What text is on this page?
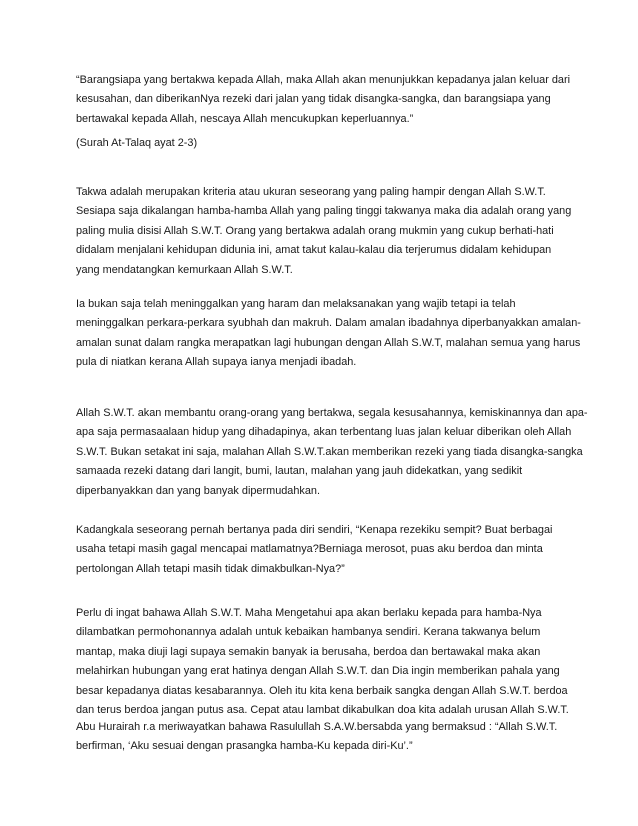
“Barangsiapa yang bertakwa kepada Allah, maka Allah akan menunjukkan kepadanya jalan keluar dari
kesusahan, dan diberikanNya rezeki dari jalan yang tidak disangka-sangka, dan barangsiapa yang
bertawakal kepada Allah, nescaya Allah mencukupkan keperluannya.”

(Surah At-Talaq ayat 2-3)

Takwa adalah merupakan kriteria atau ukuran seseorang yang paling hampir dengan Allah S.W.T.
Sesiapa saja dikalangan hamba-hamba Allah yang paling tinggi takwanya maka dia adalah orang yang
paling mulia disisi Allah S.W.T. Orang yang bertakwa adalah orang mukmin yang cukup berhati-hati
didalam menjalani kehidupan didunia ini, amat takut kalau-kalau dia terjerumus didalam kehidupan
yang mendatangkan kemurkaan Allah S.W.T.

Ia bukan saja telah meninggalkan yang haram dan melaksanakan yang wajib tetapi ia telah
meninggalkan perkara-perkara syubhah dan makruh. Dalam amalan ibadahnya diperbanyakkan amalan-
amalan sunat dalam rangka merapatkan lagi hubungan dengan Allah S.W.T, malahan semua yang harus
pula di niatkan kerana Allah supaya ianya menjadi ibadah.

Allah S.W.T. akan membantu orang-orang yang bertakwa, segala kesusahannya, kemiskinannya dan apa-
apa saja permasaalaan hidup yang dihadapinya, akan terbentang luas jalan keluar diberikan oleh Allah
S.W.T. Bukan setakat ini saja, malahan Allah S.W.T.akan memberikan rezeki yang tiada disangka-sangka
samaada rezeki datang dari langit, bumi, lautan, malahan yang jauh didekatkan, yang sedikit
diperbanyakkan dan yang banyak dipermudahkan.

Kadangkala seseorang pernah bertanya pada diri sendiri, “Kenapa rezekiku sempit? Buat berbagai
usaha tetapi masih gagal mencapai matlamatnya?Berniaga merosot, puas aku berdoa dan minta
pertolongan Allah tetapi masih tidak dimakbulkan-Nya?”

Perlu di ingat bahawa Allah S.W.T. Maha Mengetahui apa akan berlaku kepada para hamba-Nya
dilambatkan permohonannya adalah untuk kebaikan hambanya sendiri. Kerana takwanya belum
mantap, maka diuji lagi supaya semakin banyak ia berusaha, berdoa dan bertawakal maka akan
melahirkan hubungan yang erat hatinya dengan Allah S.W.T. dan Dia ingin memberikan pahala yang
besar kepadanya diatas kesabarannya. Oleh itu kita kena berbaik sangka dengan Allah S.W.T. berdoa
dan terus berdoa jangan putus asa. Cepat atau lambat dikabulkan doa kita adalah urusan Allah S.W.T.

Abu Hurairah r.a meriwayatkan bahawa Rasulullah S.A.W.bersabda yang bermaksud : “Allah S.W.T.
berfirman, ‘Aku sesuai dengan prasangka hamba-Ku kepada diri-Ku’.”
